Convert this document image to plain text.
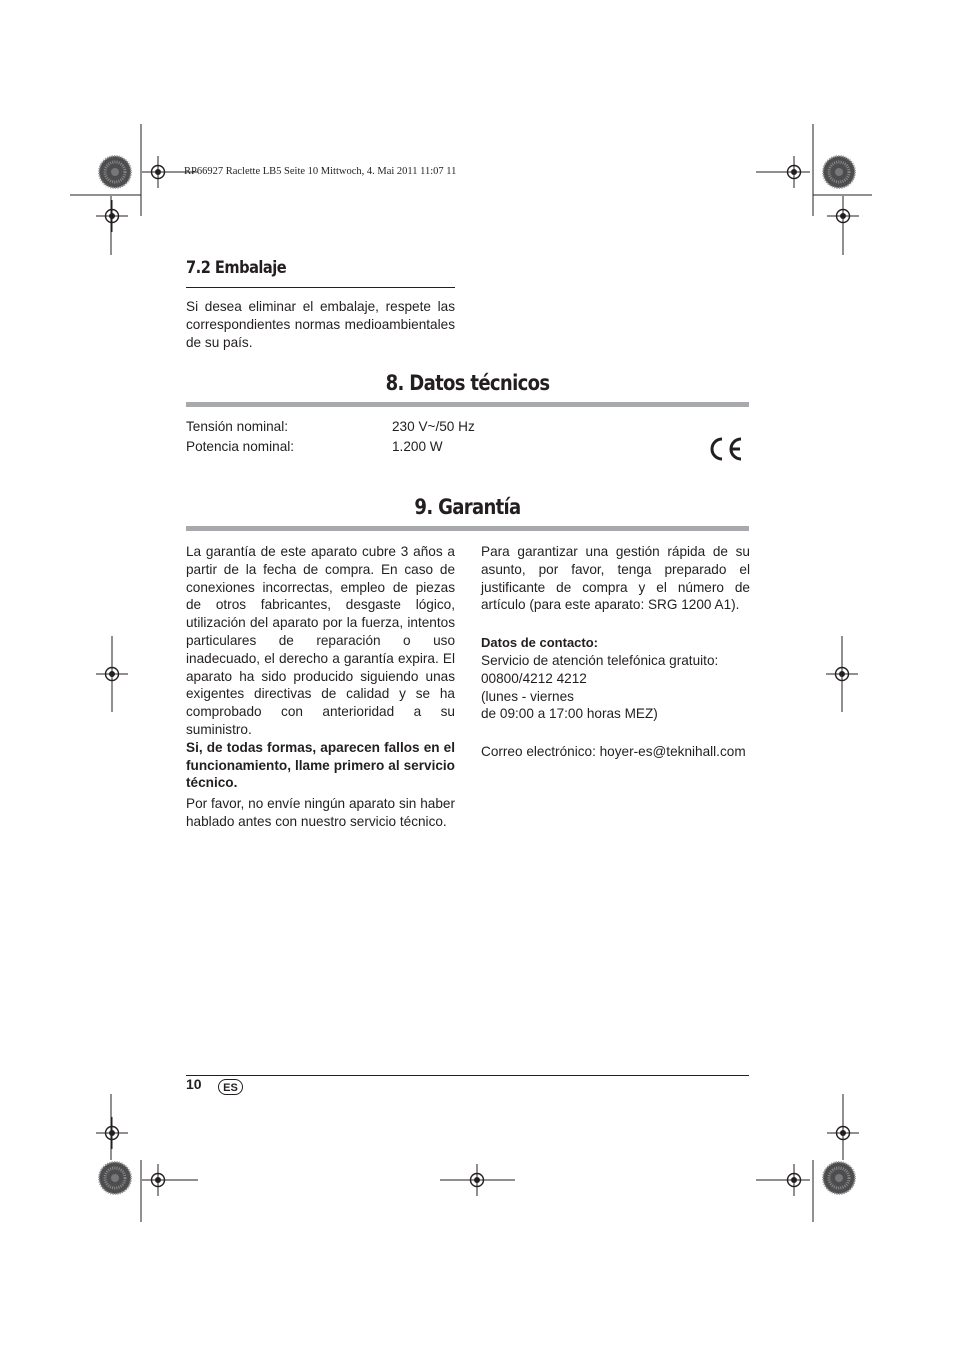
RP66927 Raclette LB5 Seite 10 Mittwoch, 4. Mai 2011 11:07 11
7.2 Embalaje
Si desea eliminar el embalaje, respete las correspondientes normas medioambientales de su país.
8. Datos técnicos
Tensión nominal:	230 V~/50 Hz
Potencia nominal:	1.200 W
9. Garantía

La garantía de este aparato cubre 3 años a partir de la fecha de compra. En caso de conexiones incorrectas, empleo de piezas de otros fabricantes, desgaste lógico, utilización del aparato por la fuerza, intentos particulares de reparación o uso inadecuado, el derecho a garantía expira. El aparato ha sido producido siguiendo unas exigentes directivas de calidad y se ha comprobado con anterioridad a su suministro.

Si, de todas formas, aparecen fallos en el funcionamiento, llame primero al servicio técnico.

Por favor, no envíe ningún aparato sin haber hablado antes con nuestro servicio técnico.

Para garantizar una gestión rápida de su asunto, por favor, tenga preparado el justificante de compra y el número de artículo (para este aparato: SRG 1200 A1).

Datos de contacto:

Servicio de atención telefónica gratuito:

00800/4212 4212

(lunes - viernes

de 09:00 a 17:00 horas MEZ)

Correo electrónico: hoyer-es@teknihall.com

10	ES
